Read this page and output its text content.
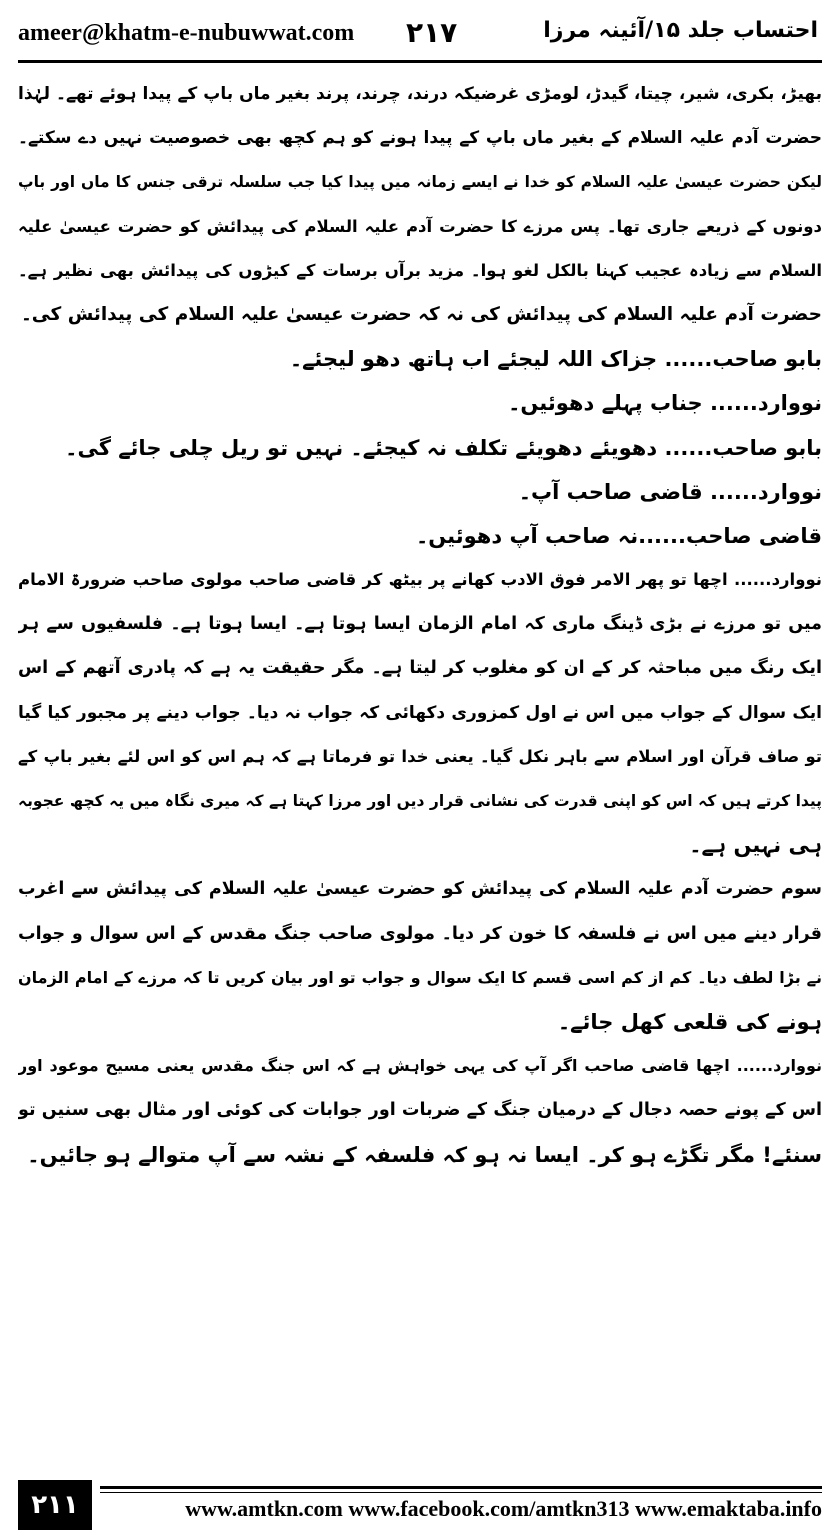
ameer@khatm-e-nubuwwat.com ۲۱۷	احتساب جلد ۱۵/آئینہ مرزا
بھیڑ، بکری، شیر، چیتا، گیدڑ، لومڑی غرضیکہ درند، چرند، پرند بغیر ماں باپ کے پیدا ہوئے تھے۔ لہٰذا
حضرت آدم علیہ السلام کے بغیر ماں باپ کے پیدا ہونے کو ہم کچھ بھی خصوصیت نہیں دے سکتے۔
لیکن حضرت عیسیٰ علیہ السلام کو خدا نے ایسے زمانہ میں پیدا کیا جب سلسلہ ترقی جنس کا ماں اور باپ
دونوں کے ذریعے جاری تھا۔ پس مرزے کا حضرت آدم علیہ السلام کی پیدائش کو حضرت عیسیٰ علیہ
السلام سے زیادہ عجیب کہنا بالکل لغو ہوا۔ مزید برآں برسات کے کیڑوں کی پیدائش بھی نظیر ہے۔
حضرت آدم علیہ السلام کی پیدائش کی نہ کہ حضرت عیسیٰ علیہ السلام کی پیدائش کی۔
بابو صاحب...... جزاک اللہ لیجئے اب ہاتھ دھو لیجئے۔
نووارد...... جناب پہلے دھوئیں۔
بابو صاحب...... دھویئے دھویئے تکلف نہ کیجئے۔ نہیں تو ریل چلی جائے گی۔
نووارد...... قاضی صاحب آپ۔
قاضی صاحب......نہ صاحب آپ دھوئیں۔
نووارد...... اچھا تو پھر الامر فوق الادب کھانے پر بیٹھ کر قاضی صاحب مولوی صاحب ضرورۃ الامام
میں تو مرزے نے بڑی ڈینگ ماری کہ امام الزمان ایسا ہوتا ہے۔ ایسا ہوتا ہے۔ فلسفیوں سے ہر
ایک رنگ میں مباحثہ کر کے ان کو مغلوب کر لیتا ہے۔ مگر حقیقت یہ ہے کہ پادری آتھم کے اس
ایک سوال کے جواب میں اس نے اول کمزوری دکھائی کہ جواب نہ دیا۔ جواب دینے پر مجبور کیا گیا
تو صاف قرآن اور اسلام سے باہر نکل گیا۔ یعنی خدا تو فرماتا ہے کہ ہم اس کو اس لئے بغیر باپ کے
پیدا کرتے ہیں کہ اس کو اپنی قدرت کی نشانی قرار دیں اور مرزا کہتا ہے کہ میری نگاہ میں یہ کچھ عجوبہ
ہی نہیں ہے۔
سوم حضرت آدم علیہ السلام کی پیدائش کو حضرت عیسیٰ علیہ السلام کی پیدائش سے اغرب
قرار دینے میں اس نے فلسفہ کا خون کر دیا۔ مولوی صاحب جنگ مقدس کے اس سوال و جواب
نے بڑا لطف دیا۔ کم از کم اسی قسم کا ایک سوال و جواب تو اور بیان کریں تا کہ مرزے کے امام الزمان
ہونے کی قلعی کھل جائے۔
نووارد...... اچھا قاضی صاحب اگر آپ کی یہی خواہش ہے کہ اس جنگ مقدس یعنی مسیح موعود اور
اس کے پونے حصہ دجال کے درمیان جنگ کے ضربات اور جوابات کی کوئی اور مثال بھی سنیں تو
سنئے! مگر تگڑے ہو کر۔ ایسا نہ ہو کہ فلسفہ کے نشہ سے آپ متوالے ہو جائیں۔
۲۱۱	www.amtkn.com www.facebook.com/amtkn313 www.emaktaba.info
